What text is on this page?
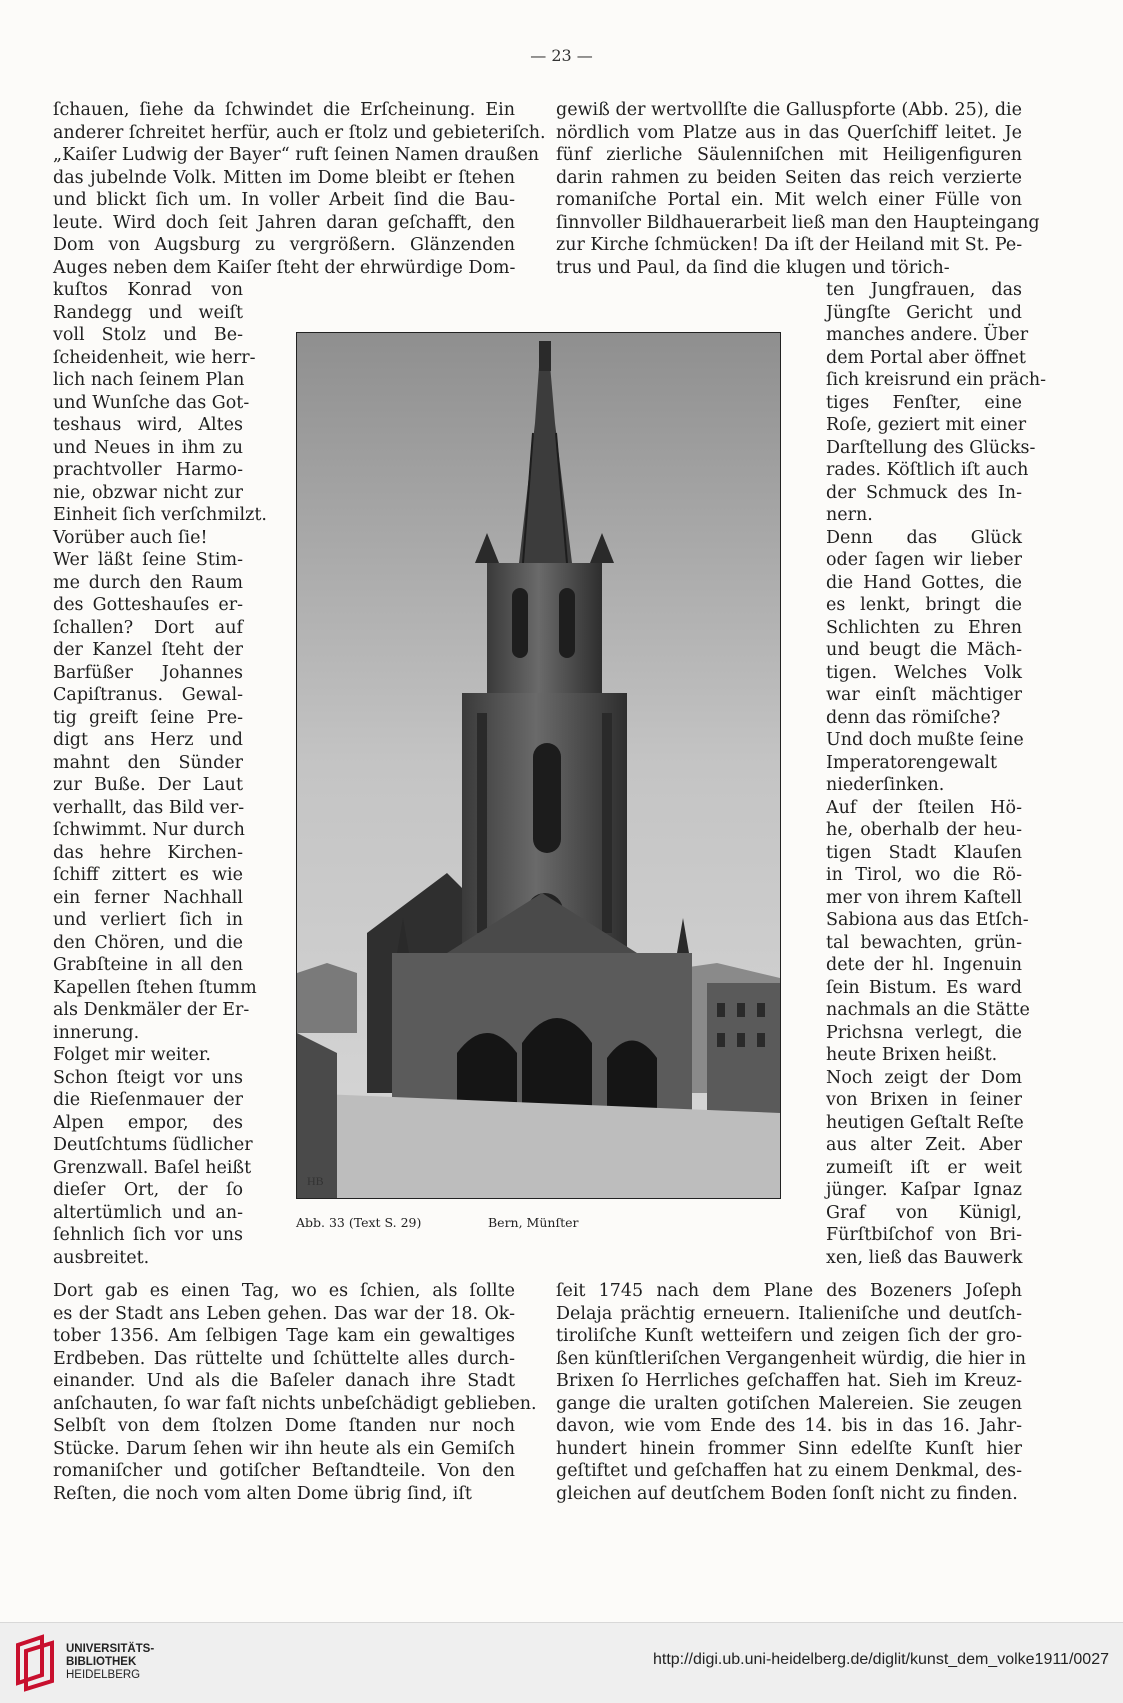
— 23 —
ſchauen, ſiehe da ſchwindet die Erſcheinung. Ein
anderer ſchreitet herfür, auch er ſtolz und gebieteriſch.
„Kaiſer Ludwig der Bayer“ ruft ſeinen Namen draußen
das jubelnde Volk. Mitten im Dome bleibt er ſtehen
und blickt ſich um. In voller Arbeit ſind die Bau-
leute. Wird doch ſeit Jahren daran geſchafft, den
Dom von Augsburg zu vergrößern. Glänzenden
Auges neben dem Kaiſer ſteht der ehrwürdige Dom-
kuſtos Konrad von
Randegg und weiſt
voll Stolz und Be-
ſcheidenheit, wie herr-
lich nach ſeinem Plan
und Wunſche das Got-
teshaus wird, Altes
und Neues in ihm zu
prachtvoller Harmo-
nie, obzwar nicht zur
Einheit ſich verſchmilzt.
Vorüber auch ſie!
Wer läßt ſeine Stim-
me durch den Raum
des Gotteshauſes er-
ſchallen? Dort auf
der Kanzel ſteht der
Barfüßer Johannes
Capiſtranus. Gewal-
tig greift ſeine Pre-
digt ans Herz und
mahnt den Sünder
zur Buße. Der Laut
verhallt, das Bild ver-
ſchwimmt. Nur durch
das hehre Kirchen-
ſchiff zittert es wie
ein ferner Nachhall
und verliert ſich in
den Chören, und die
Grabſteine in all den
Kapellen ſtehen ſtumm
als Denkmäler der Er-
innerung.
Folget mir weiter.
Schon ſteigt vor uns
die Rieſenmauer der
Alpen empor, des
Deutſchtums ſüdlicher
Grenzwall. Baſel heißt
dieſer Ort, der ſo
altertümlich und an-
ſehnlich ſich vor uns
ausbreitet.
Dort gab es einen Tag, wo es ſchien, als ſollte
es der Stadt ans Leben gehen. Das war der 18. Ok-
tober 1356. Am ſelbigen Tage kam ein gewaltiges
Erdbeben. Das rüttelte und ſchüttelte alles durch-
einander. Und als die Baſeler danach ihre Stadt
anſchauten, ſo war faſt nichts unbeſchädigt geblieben.
Selbſt von dem ſtolzen Dome ſtanden nur noch
Stücke. Darum ſehen wir ihn heute als ein Gemiſch
romaniſcher und gotiſcher Beſtandteile. Von den
Reſten, die noch vom alten Dome übrig ſind, iſt
gewiß der wertvollſte die Galluspforte (Abb. 25), die
nördlich vom Platze aus in das Querſchiff leitet. Je
fünf zierliche Säulenniſchen mit Heiligenfiguren
darin rahmen zu beiden Seiten das reich verzierte
romaniſche Portal ein. Mit welch einer Fülle von
ſinnvoller Bildhauerarbeit ließ man den Haupteingang
zur Kirche ſchmücken! Da iſt der Heiland mit St. Pe-
trus und Paul, da ſind die klugen und törich-
ten Jungfrauen, das
Jüngſte Gericht und
manches andere. Über
dem Portal aber öffnet
ſich kreisrund ein präch-
tiges Fenſter, eine
Roſe, geziert mit einer
Darſtellung des Glücks-
rades. Köſtlich iſt auch
der Schmuck des In-
nern.
Denn das Glück
oder ſagen wir lieber
die Hand Gottes, die
es lenkt, bringt die
Schlichten zu Ehren
und beugt die Mäch-
tigen. Welches Volk
war einſt mächtiger
denn das römiſche?
Und doch mußte ſeine
Imperatorengewalt
niederſinken.
Auf der ſteilen Hö-
he, oberhalb der heu-
tigen Stadt Klauſen
in Tirol, wo die Rö-
mer von ihrem Kaſtell
Sabiona aus das Etſch-
tal bewachten, grün-
dete der hl. Ingenuin
ſein Bistum. Es ward
nachmals an die Stätte
Prichsna verlegt, die
heute Brixen heißt.
Noch zeigt der Dom
von Brixen in ſeiner
heutigen Geſtalt Reſte
aus alter Zeit. Aber
zumeiſt iſt er weit
jünger. Kaſpar Ignaz
Graf von Künigl,
Fürſtbiſchof von Bri-
xen, ließ das Bauwerk
ſeit 1745 nach dem Plane des Bozeners Joſeph
Delaja prächtig erneuern. Italieniſche und deutſch-
tiroliſche Kunſt wetteifern und zeigen ſich der gro-
ßen künſtleriſchen Vergangenheit würdig, die hier in
Brixen ſo Herrliches geſchaffen hat. Sieh im Kreuz-
gange die uralten gotiſchen Malereien. Sie zeugen
davon, wie vom Ende des 14. bis in das 16. Jahr-
hundert hinein frommer Sinn edelſte Kunſt hier
geſtiftet und geſchaffen hat zu einem Denkmal, des-
gleichen auf deutſchem Boden ſonſt nicht zu finden.
HB
Abb. 33 (Text S. 29)	Bern, Münſter
UNIVERSITÄTS-
BIBLIOTHEK
HEIDELBERG
http://digi.ub.uni-heidelberg.de/diglit/kunst_dem_volke1911/0027
